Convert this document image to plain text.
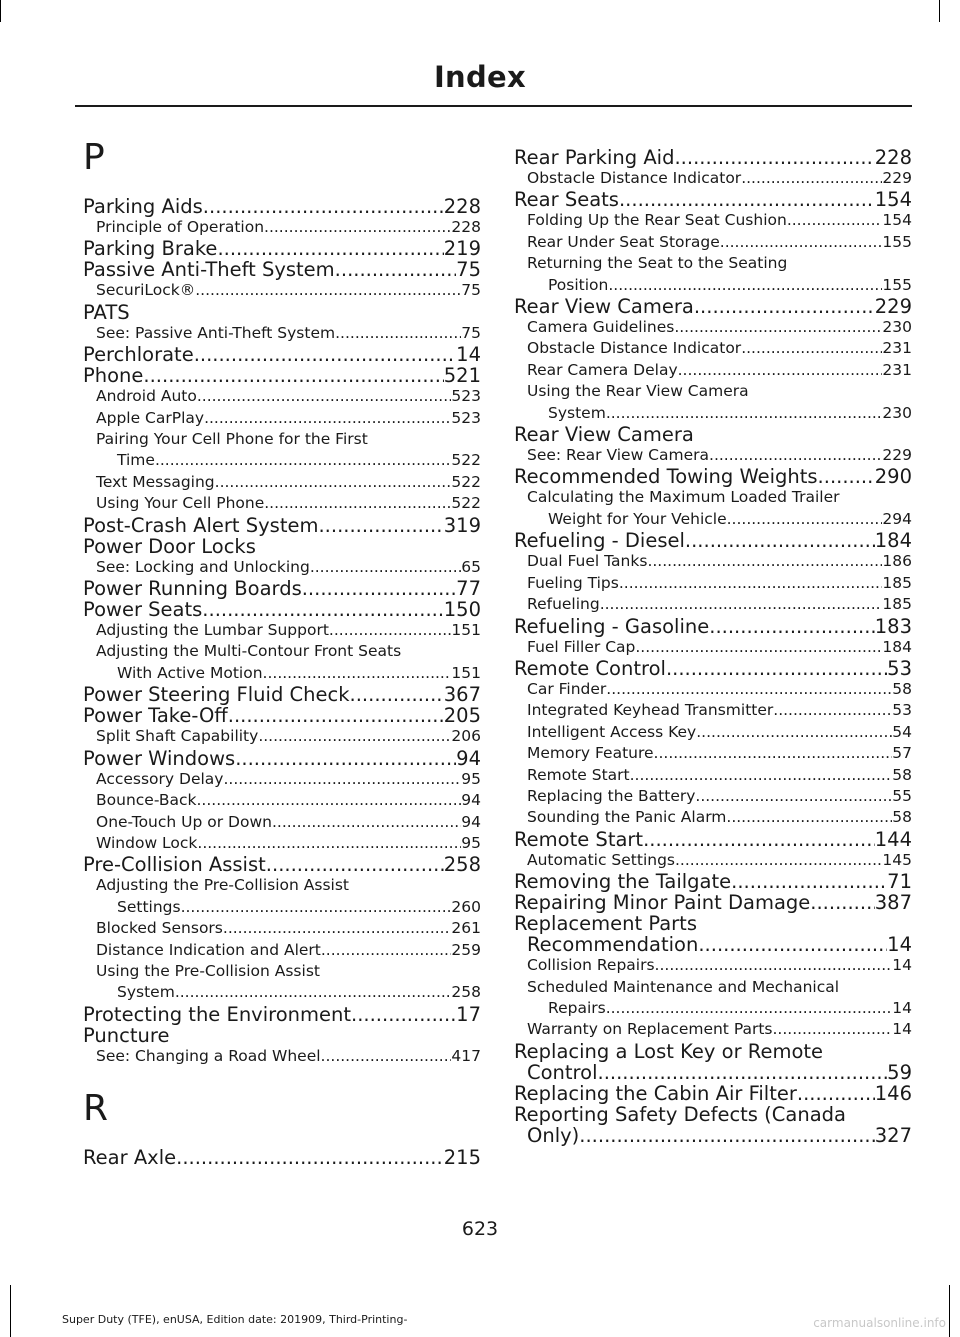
Index
P
Parking Aids .....	228
Principle of Operation .....	228
Parking Brake .....	219
Passive Anti-Theft System .....	75
SecuriLock® .....	75
PATS
See: Passive Anti-Theft System .....	75
Perchlorate .....	14
Phone .....	521
Android Auto .....	523
Apple CarPlay .....	523
Pairing Your Cell Phone for the First
Time .....	522
Text Messaging .....	522
Using Your Cell Phone .....	522
Post-Crash Alert System .....	319
Power Door Locks
See: Locking and Unlocking .....	65
Power Running Boards .....	77
Power Seats .....	150
Adjusting the Lumbar Support .....	151
Adjusting the Multi-Contour Front Seats
With Active Motion .....	151
Power Steering Fluid Check .....	367
Power Take-Off .....	205
Split Shaft Capability .....	206
Power Windows .....	94
Accessory Delay .....	95
Bounce-Back .....	94
One-Touch Up or Down .....	94
Window Lock .....	95
Pre-Collision Assist .....	258
Adjusting the Pre-Collision Assist
Settings .....	260
Blocked Sensors .....	261
Distance Indication and Alert .....	259
Using the Pre-Collision Assist
System .....	258
Protecting the Environment .....	17
Puncture
See: Changing a Road Wheel .....	417
R
Rear Axle .....	215
Rear Parking Aid .....	228
Obstacle Distance Indicator .....	229
Rear Seats .....	154
Folding Up the Rear Seat Cushion .....	154
Rear Under Seat Storage .....	155
Returning the Seat to the Seating
Position .....	155
Rear View Camera .....	229
Camera Guidelines .....	230
Obstacle Distance Indicator .....	231
Rear Camera Delay .....	231
Using the Rear View Camera
System .....	230
Rear View Camera
See: Rear View Camera .....	229
Recommended Towing Weights .....	290
Calculating the Maximum Loaded Trailer
Weight for Your Vehicle .....	294
Refueling - Diesel .....	184
Dual Fuel Tanks .....	186
Fueling Tips .....	185
Refueling .....	185
Refueling - Gasoline .....	183
Fuel Filler Cap .....	184
Remote Control .....	53
Car Finder .....	58
Integrated Keyhead Transmitter .....	53
Intelligent Access Key .....	54
Memory Feature .....	57
Remote Start .....	58
Replacing the Battery .....	55
Sounding the Panic Alarm .....	58
Remote Start .....	144
Automatic Settings .....	145
Removing the Tailgate .....	71
Repairing Minor Paint Damage .....	387
Replacement Parts
Recommendation .....	14
Collision Repairs .....	14
Scheduled Maintenance and Mechanical
Repairs .....	14
Warranty on Replacement Parts .....	14
Replacing a Lost Key or Remote
Control .....	59
Replacing the Cabin Air Filter .....	146
Reporting Safety Defects (Canada
Only) .....	327
623
Super Duty (TFE), enUSA, Edition date: 201909, Third-Printing-	carmanualsonline.info
